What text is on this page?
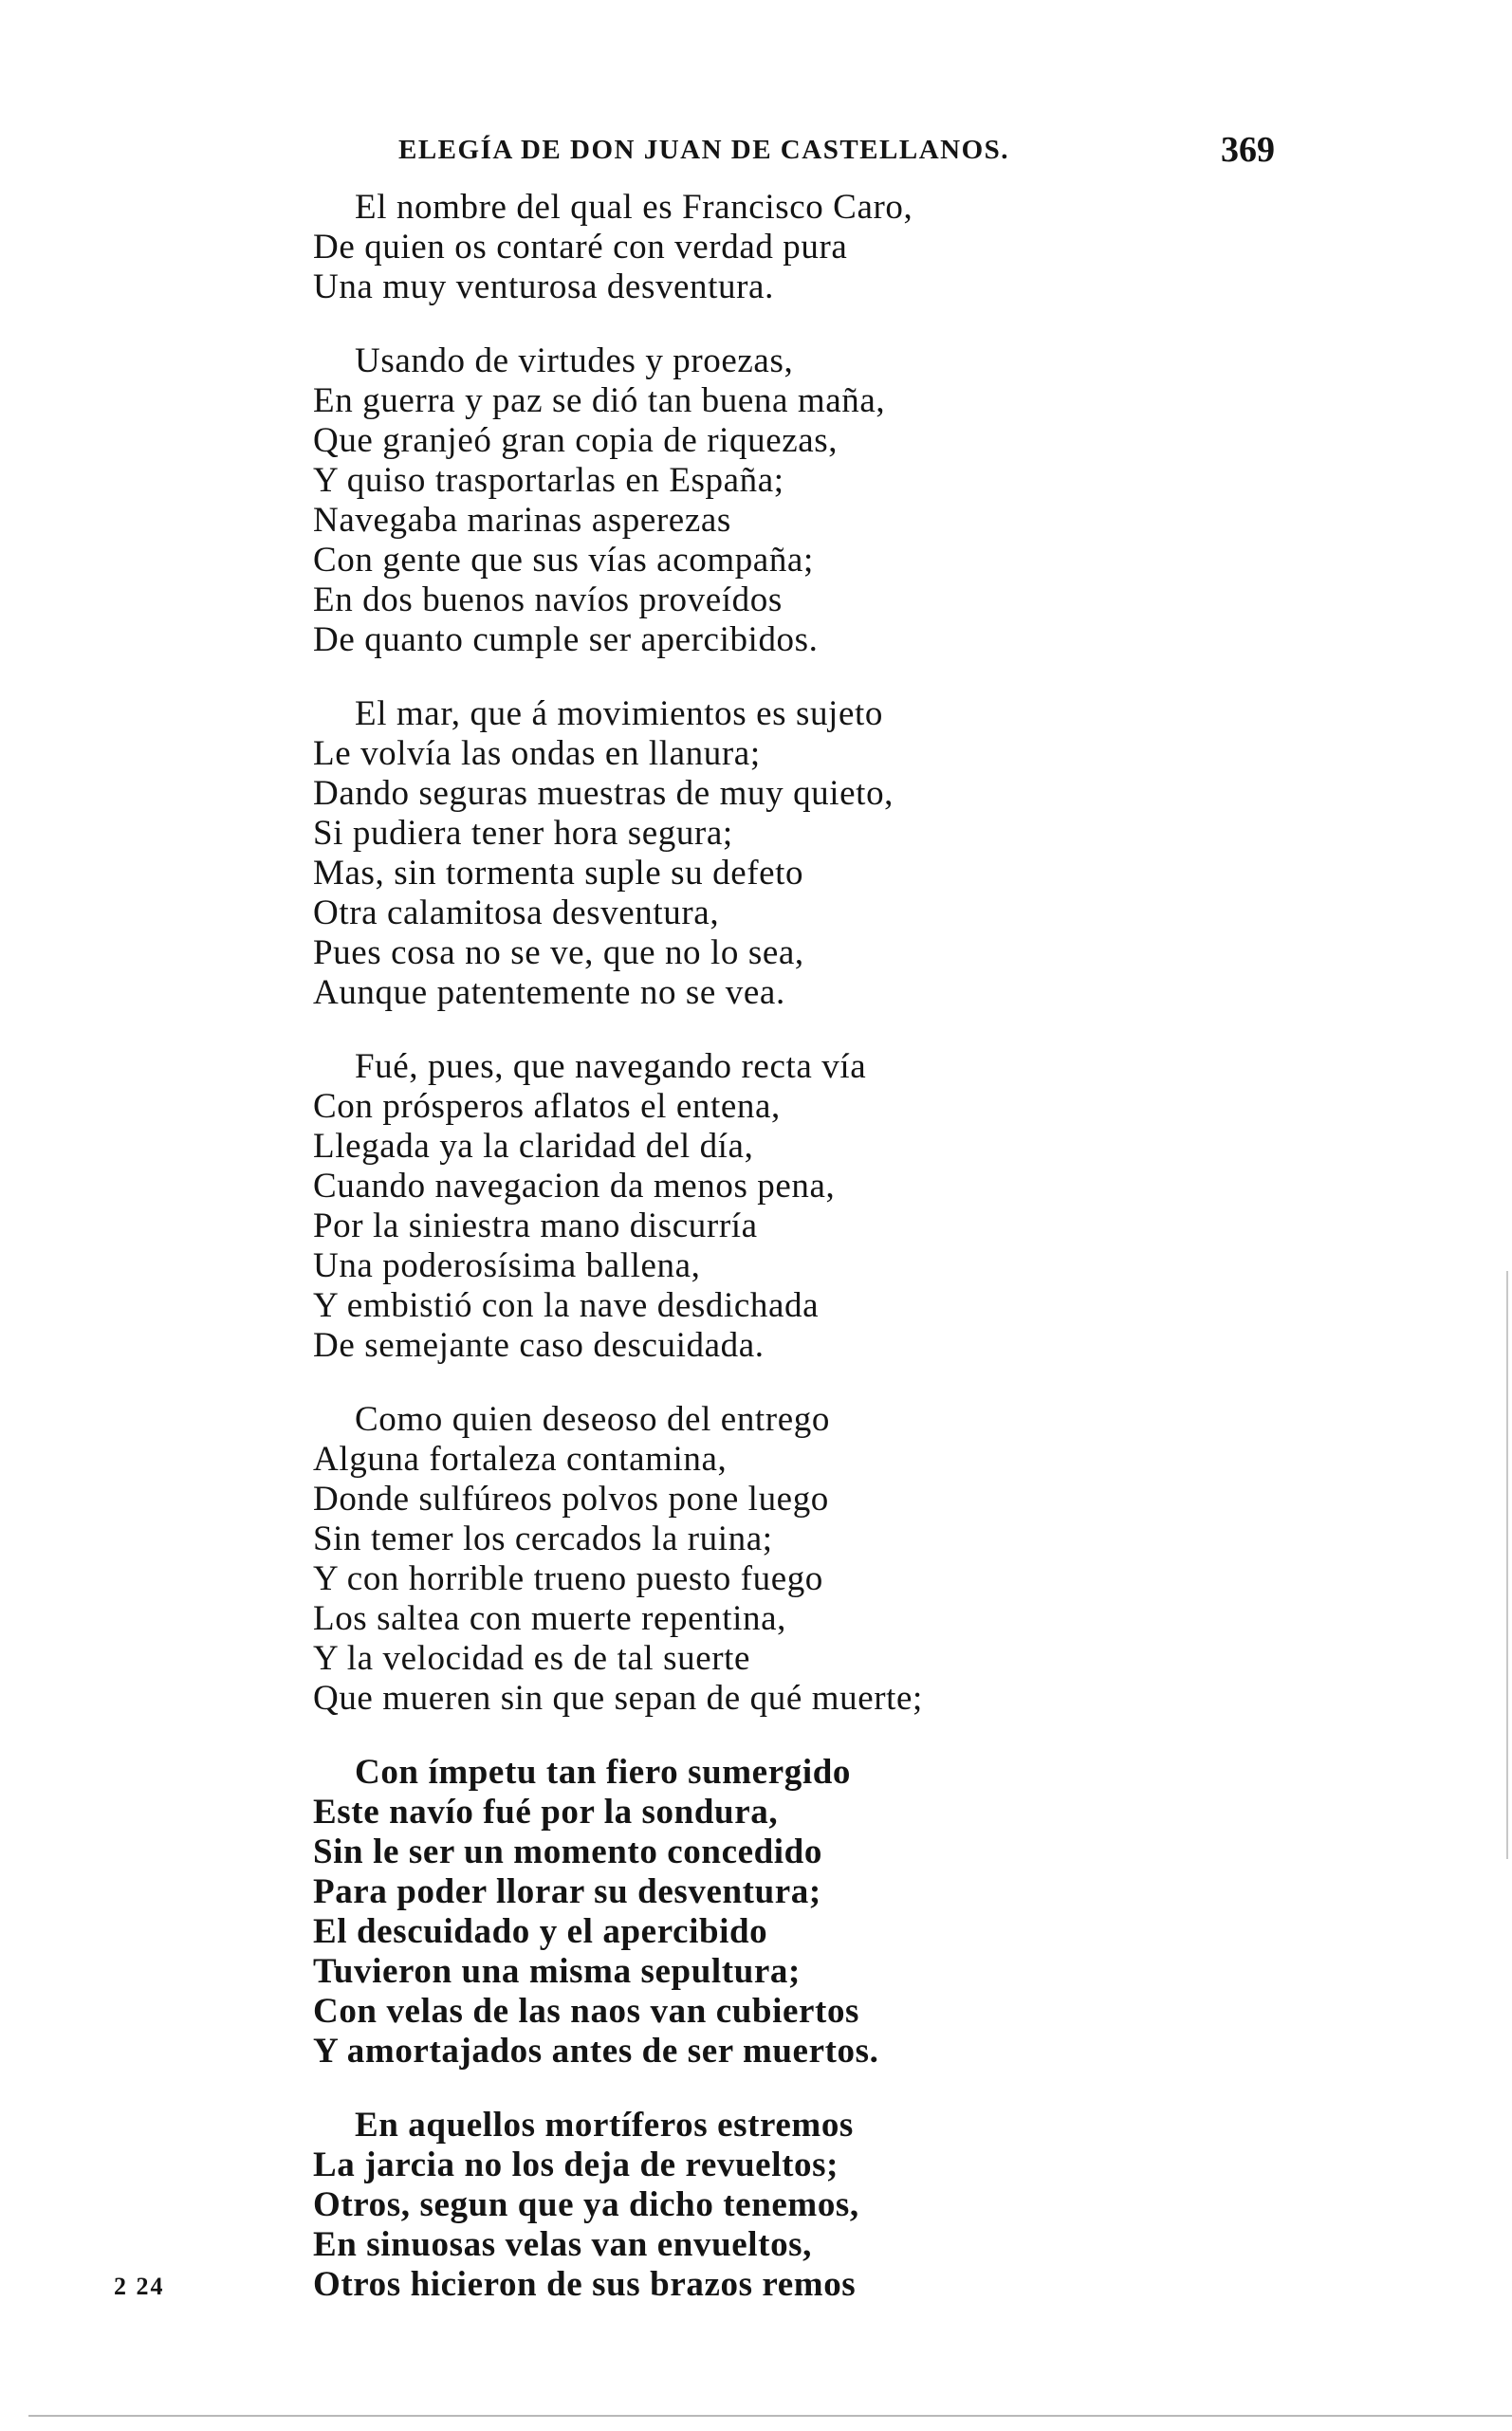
ELEGÍA DE DON JUAN DE CASTELLANOS.	369
El nombre del qual es Francisco Caro,
De quien os contaré con verdad pura
Una muy venturosa desventura.
Usando de virtudes y proezas,
En guerra y paz se dió tan buena maña,
Que granjeó gran copia de riquezas,
Y quiso trasportarlas en España;
Navegaba marinas asperezas
Con gente que sus vías acompaña;
En dos buenos navíos proveídos
De quanto cumple ser apercibidos.
El mar, que á movimientos es sujeto
Le volvía las ondas en llanura;
Dando seguras muestras de muy quieto,
Si pudiera tener hora segura;
Mas, sin tormenta suple su defeto
Otra calamitosa desventura,
Pues cosa no se ve, que no lo sea,
Aunque patentemente no se vea.
Fué, pues, que navegando recta vía
Con prósperos aflatos el entena,
Llegada ya la claridad del día,
Cuando navegacion da menos pena,
Por la siniestra mano discurría
Una poderosísima ballena,
Y embistió con la nave desdichada
De semejante caso descuidada.
Como quien deseoso del entrego
Alguna fortaleza contamina,
Donde sulfúreos polvos pone luego
Sin temer los cercados la ruina;
Y con horrible trueno puesto fuego
Los saltea con muerte repentina,
Y la velocidad es de tal suerte
Que mueren sin que sepan de qué muerte;
Con ímpetu tan fiero sumergido
Este navío fué por la sondura,
Sin le ser un momento concedido
Para poder llorar su desventura;
El descuidado y el apercibido
Tuvieron una misma sepultura;
Con velas de las naos van cubiertos
Y amortajados antes de ser muertos.
En aquellos mortíferos estremos
La jarcia no los deja de revueltos;
Otros, segun que ya dicho tenemos,
En sinuosas velas van envueltos,
Otros hicieron de sus brazos remos
2 24
